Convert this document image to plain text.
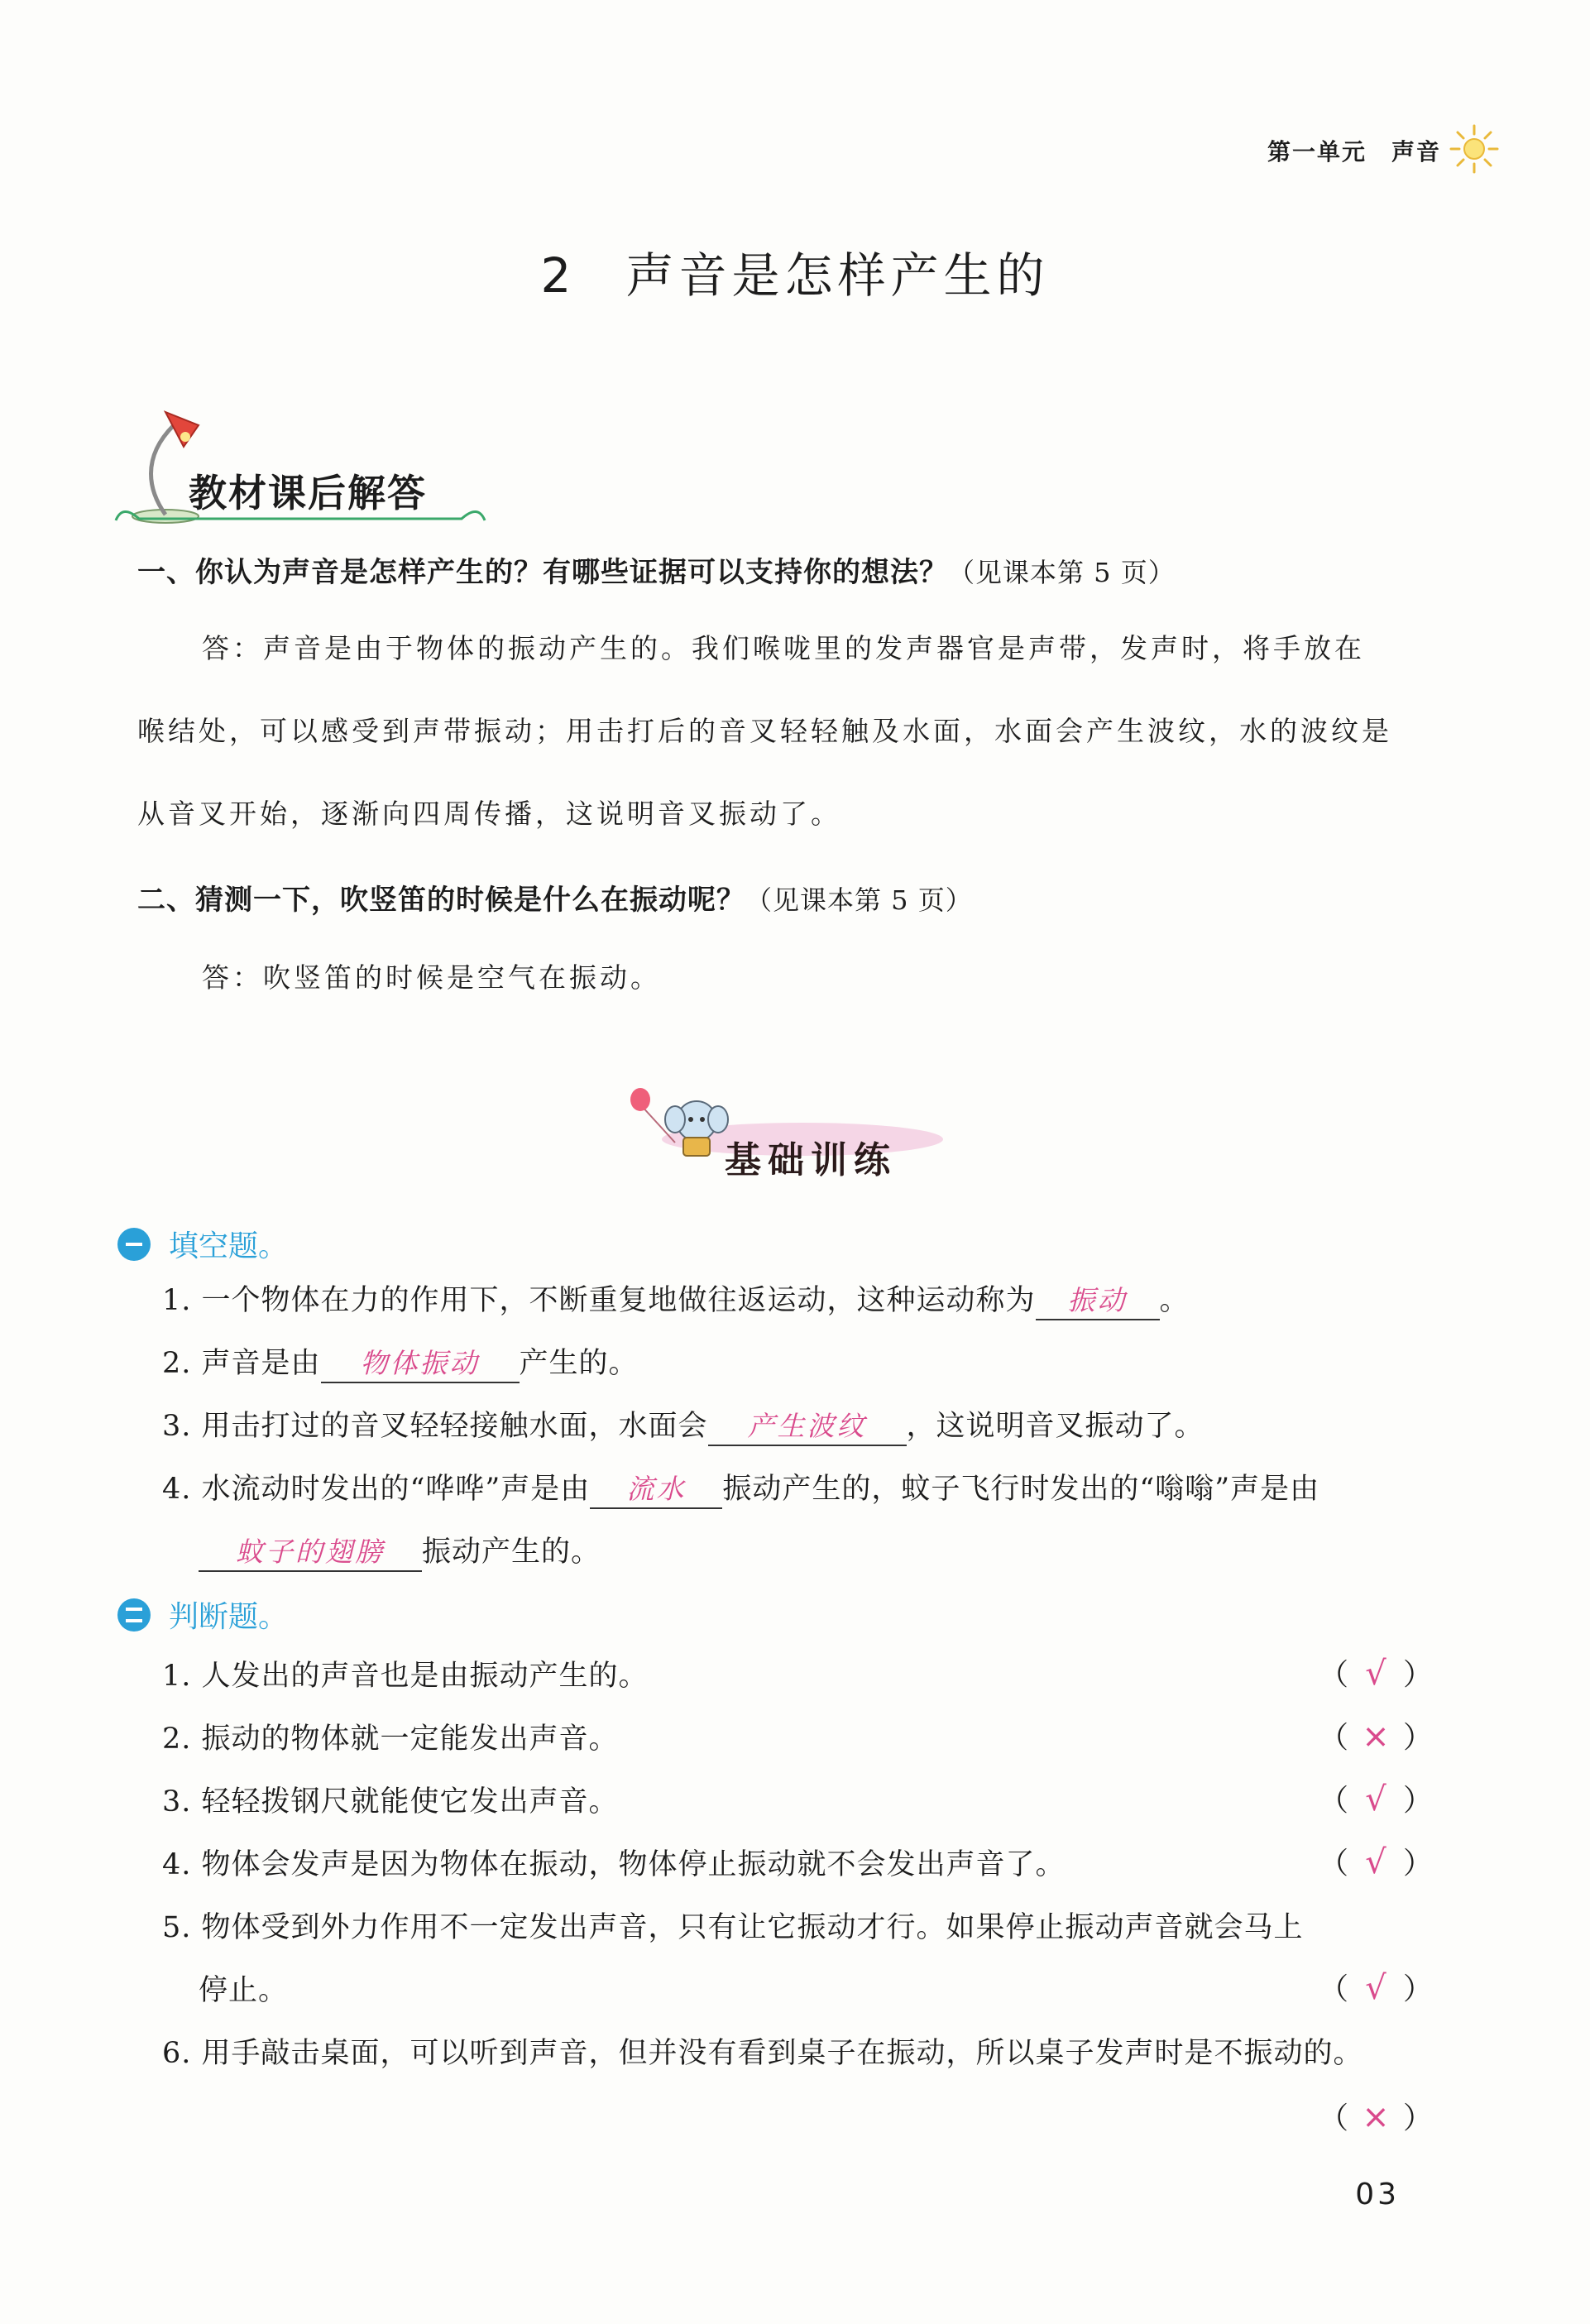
第一单元 声音
2 声音是怎样产生的
教材课后解答
一、你认为声音是怎样产生的？有哪些证据可以支持你的想法？（见课本第 5 页）

答：声音是由于物体的振动产生的。我们喉咙里的发声器官是声带，发声时，将手放在

喉结处，可以感受到声带振动；用击打后的音叉轻轻触及水面，水面会产生波纹，水的波纹是

从音叉开始，逐渐向四周传播，这说明音叉振动了。

二、猜测一下，吹竖笛的时候是什么在振动呢？（见课本第 5 页）

答：吹竖笛的时候是空气在振动。

基础训练
填空题。
1. 一个物体在力的作用下，不断重复地做往返运动，这种运动称为 振动 。
2. 声音是由 物体振动 产生的。
3. 用击打过的音叉轻轻接触水面，水面会 产生波纹 ，这说明音叉振动了。
4. 水流动时发出的“哗哗”声是由 流水 振动产生的，蚊子飞行时发出的“嗡嗡”声是由
蚊子的翅膀 振动产生的。
判断题。
1. 人发出的声音也是由振动产生的。	（ √ ）
2. 振动的物体就一定能发出声音。	（ × ）
3. 轻轻拨钢尺就能使它发出声音。	（ √ ）
4. 物体会发声是因为物体在振动，物体停止振动就不会发出声音了。	（ √ ）
5. 物体受到外力作用不一定发出声音，只有让它振动才行。如果停止振动声音就会马上
停止。	（ √ ）
6. 用手敲击桌面，可以听到声音，但并没有看到桌子在振动，所以桌子发声时是不振动的。
（ × ）
03
